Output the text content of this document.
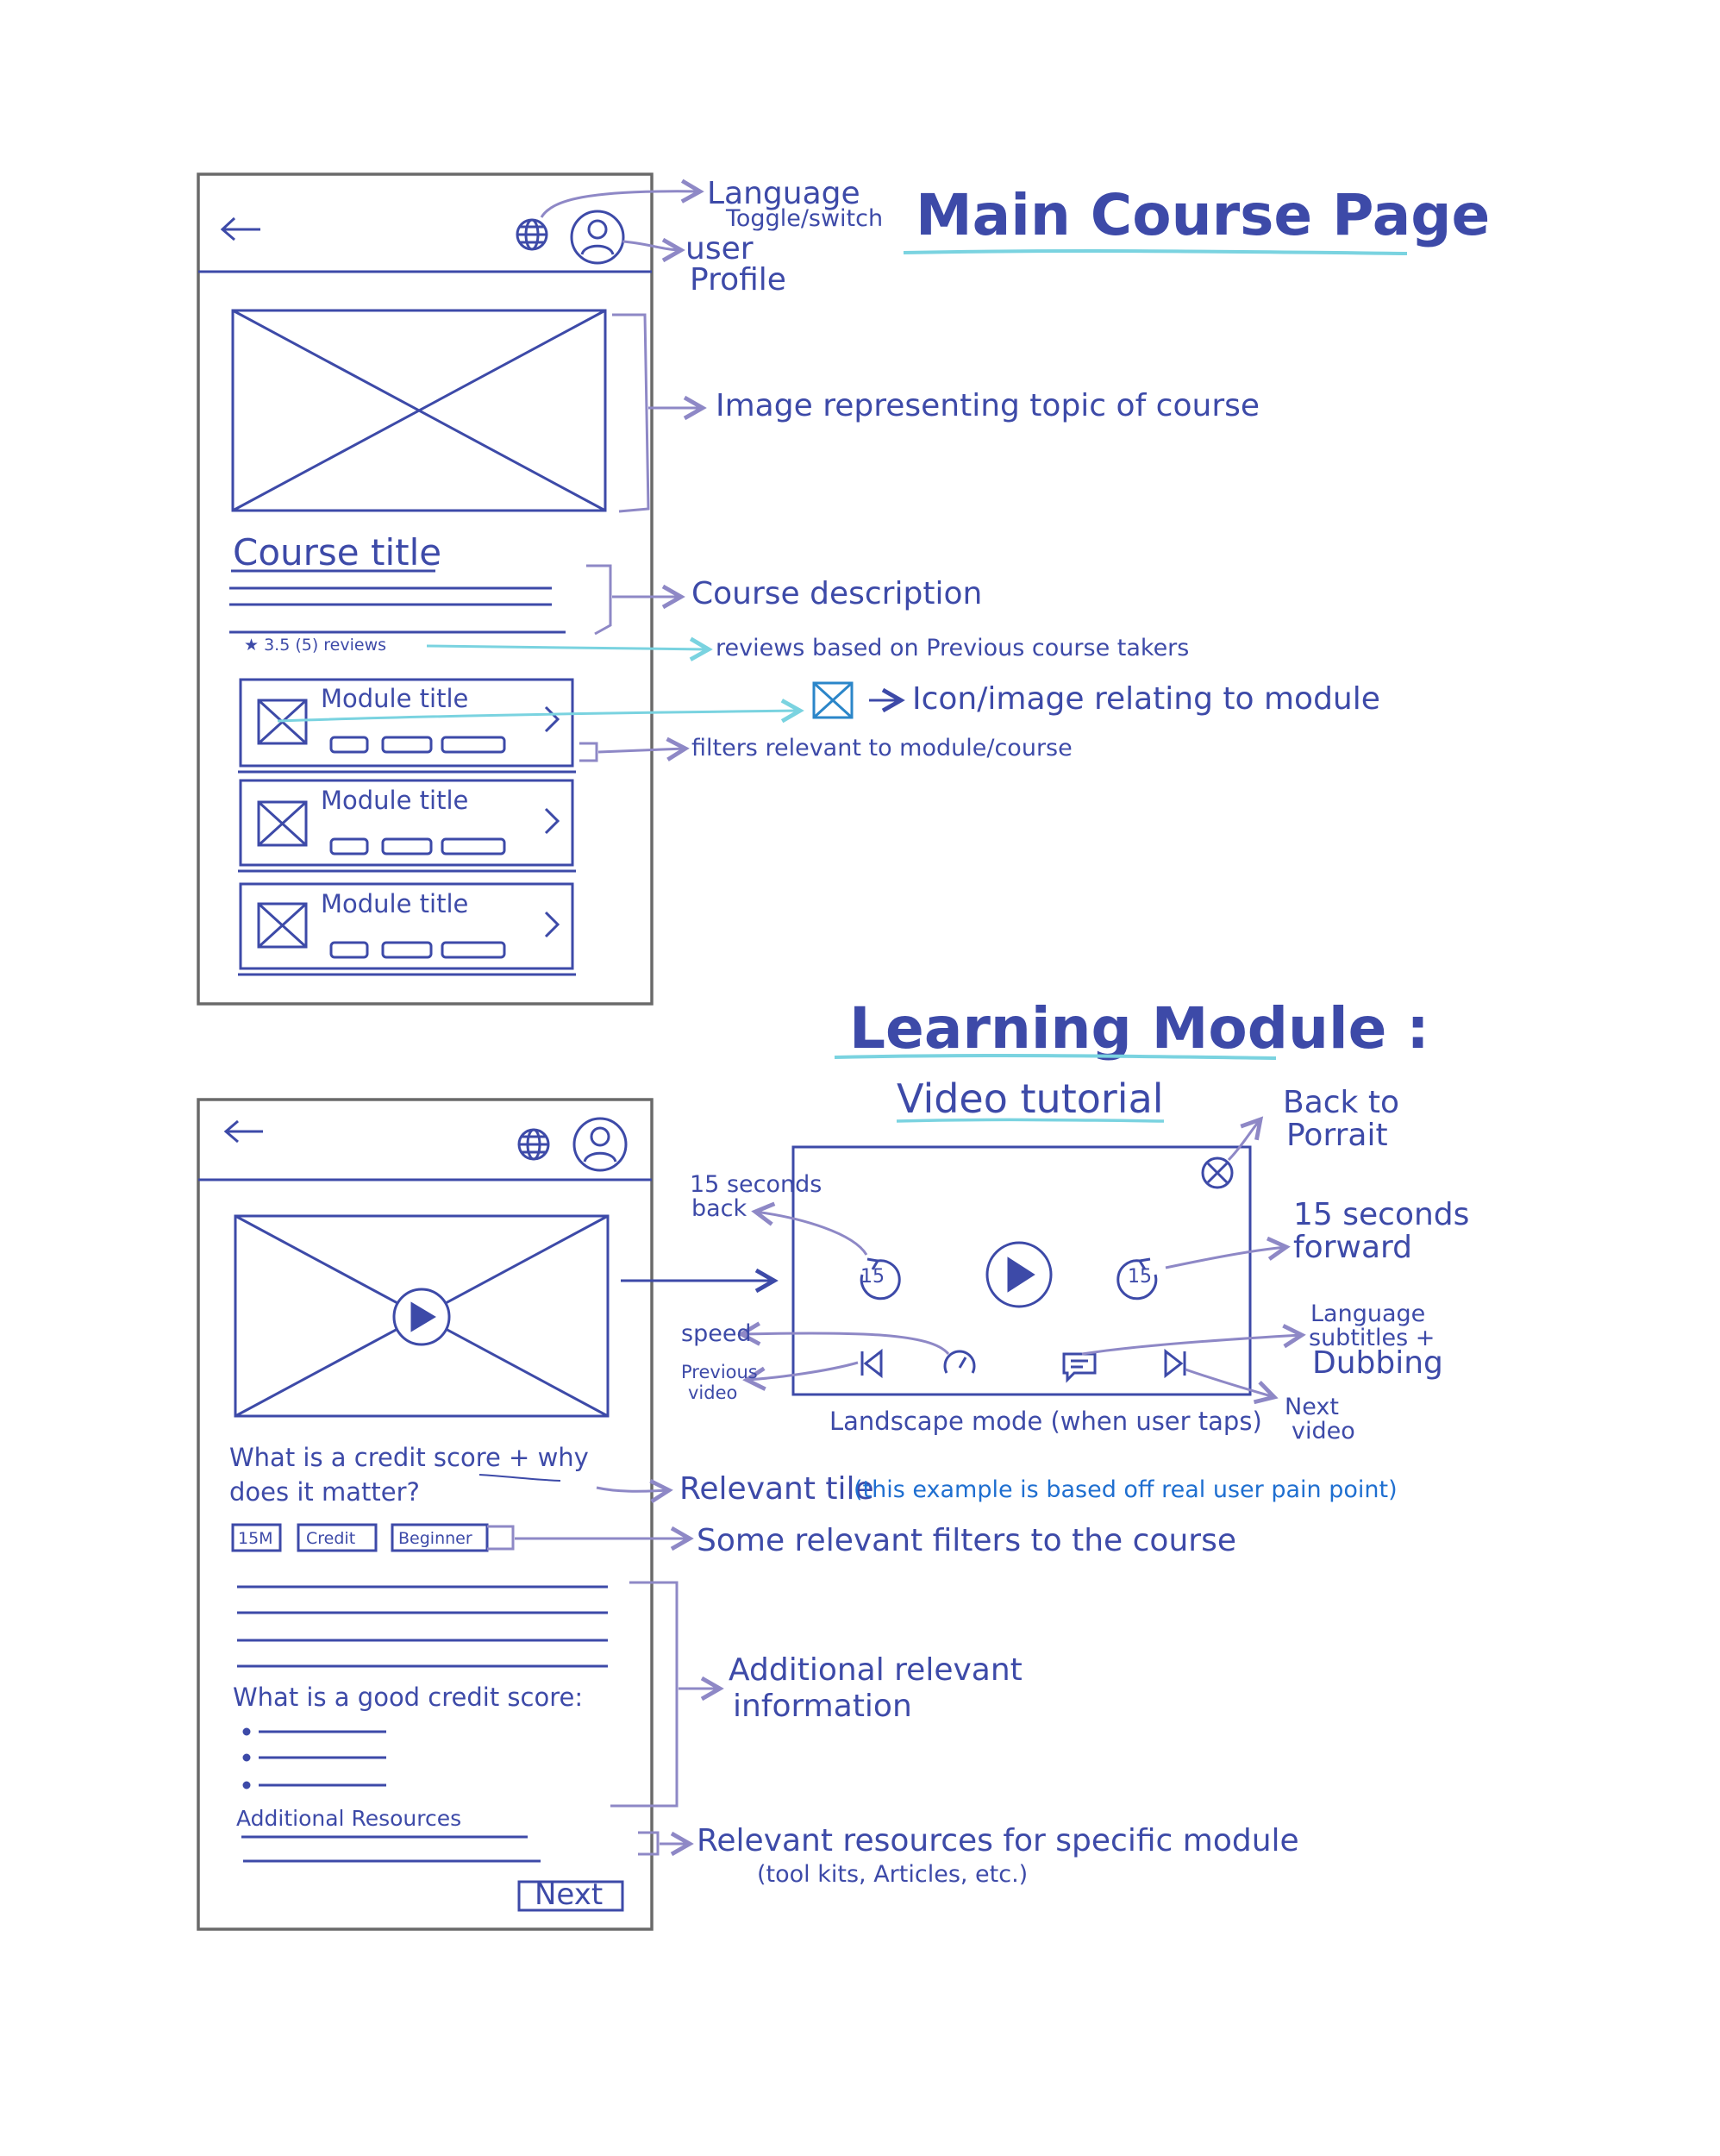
Main Course Page
Learning Module :
Video tutorial
Course title
★ 3.5 (5) reviews
Module title
Module title
Module title
Language
Toggle/switch
user
Profile
Image representing topic of course
Course description
reviews based on Previous course takers
Icon/image relating to module
filters relevant to module/course
What is a credit score + why
does it matter?
15M Credit	Beginner
What is a good credit score:
Additional Resources
Next
15	15
15 seconds
back
Back to
Porrait
15 seconds
forward
speed
Previous
video
Language
subtitles +
Dubbing
Next
video
Landscape mode (when user taps)
Relevant tile
(this example is based off real user pain point)
Some relevant filters to the course
Additional relevant
information
Relevant resources for specific module
(tool kits, Articles, etc.)
